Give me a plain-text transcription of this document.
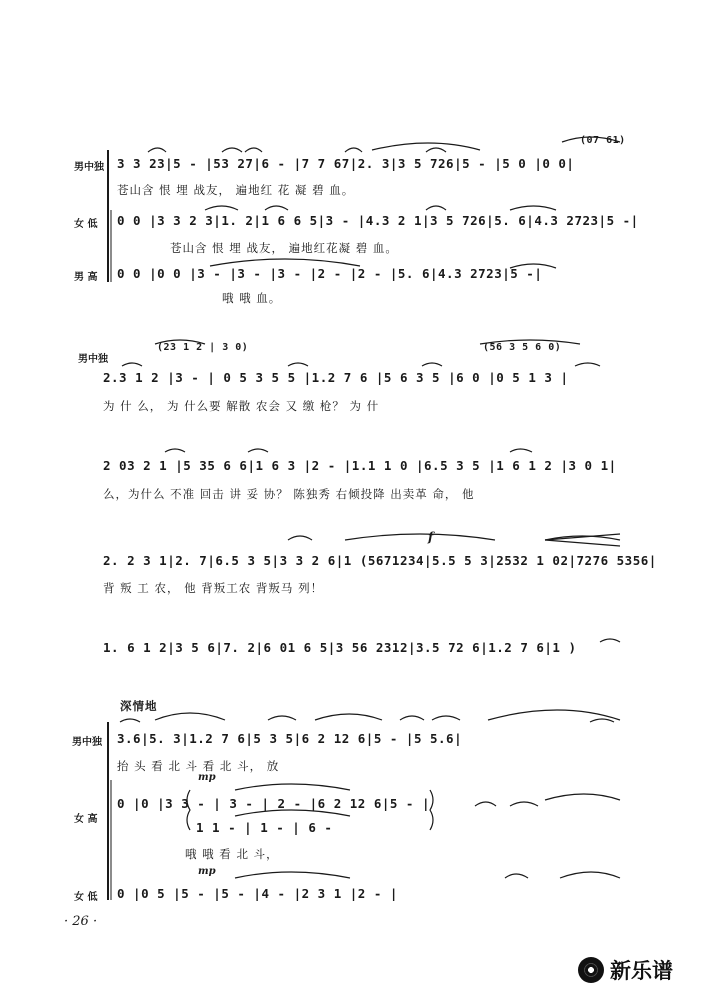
(07 61)
男中独 3 3 23|5 - |53 27|6 - |7 7 67|2. 3|3 5 726|5 - |5 0 |0 0|
苍山含 恨 埋 战友， 遍地红 花 凝 碧 血。
女 低 0 0 |3 3 2 3|1. 2|1 6 6 5|3 - |4.3 2 1|3 5 726|5. 6|4.3 2723|5 -|
苍山含 恨 埋 战友， 遍地红花凝 碧 血。
男 高 0 0 |0 0 |3 - |3 - |3 - |2 - |2 - |5. 6|4.3 2723|5 -|
哦 哦 血。
男中独
(23 1 2 | 3 0)	(56 3 5 6 0)
2.3 1 2 |3 - | 0 5 3 5 5 |1.2 7 6 |5 6 3 5 |6 0 |0 5 1 3 |
为 什 么， 为 什么要 解散 农会 又 缴 枪？ 为 什
2 03 2 1 |5 35 6 6|1 6 3 |2 - |1.1 1 0 |6.5 3 5 |1 6 1 2 |3 0 1|
么，为什么 不准 回击 讲 妥 协？ 陈独秀 右倾投降 出卖革 命， 他
f
2. 2 3 1|2. 7|6.5 3 5|3 3 2 6|1 (5671234|5.5 5 3|2532 1 02|7276 5356|
背 叛 工 农， 他 背叛工农 背叛马 列！
1. 6 1 2|3 5 6|7. 2|6 01 6 5|3 56 2312|3.5 72 6|1.2 7 6|1 )
深情地
男中独 3.6|5. 3|1.2 7 6|5 3 5|6 2 12 6|5 - |5 5.6|
抬 头 看 北 斗 看 北 斗， 放
mp
女 高
0 |0 |3 3 - | 3 - | 2 - |6 2 12 6|5 - |
1 1 - | 1 - | 6 -
哦 哦 看 北 斗，
mp
女 低 0 |0 5 |5 - |5 - |4 - |2 3 1 |2 - |
· 26 ·
新乐谱
